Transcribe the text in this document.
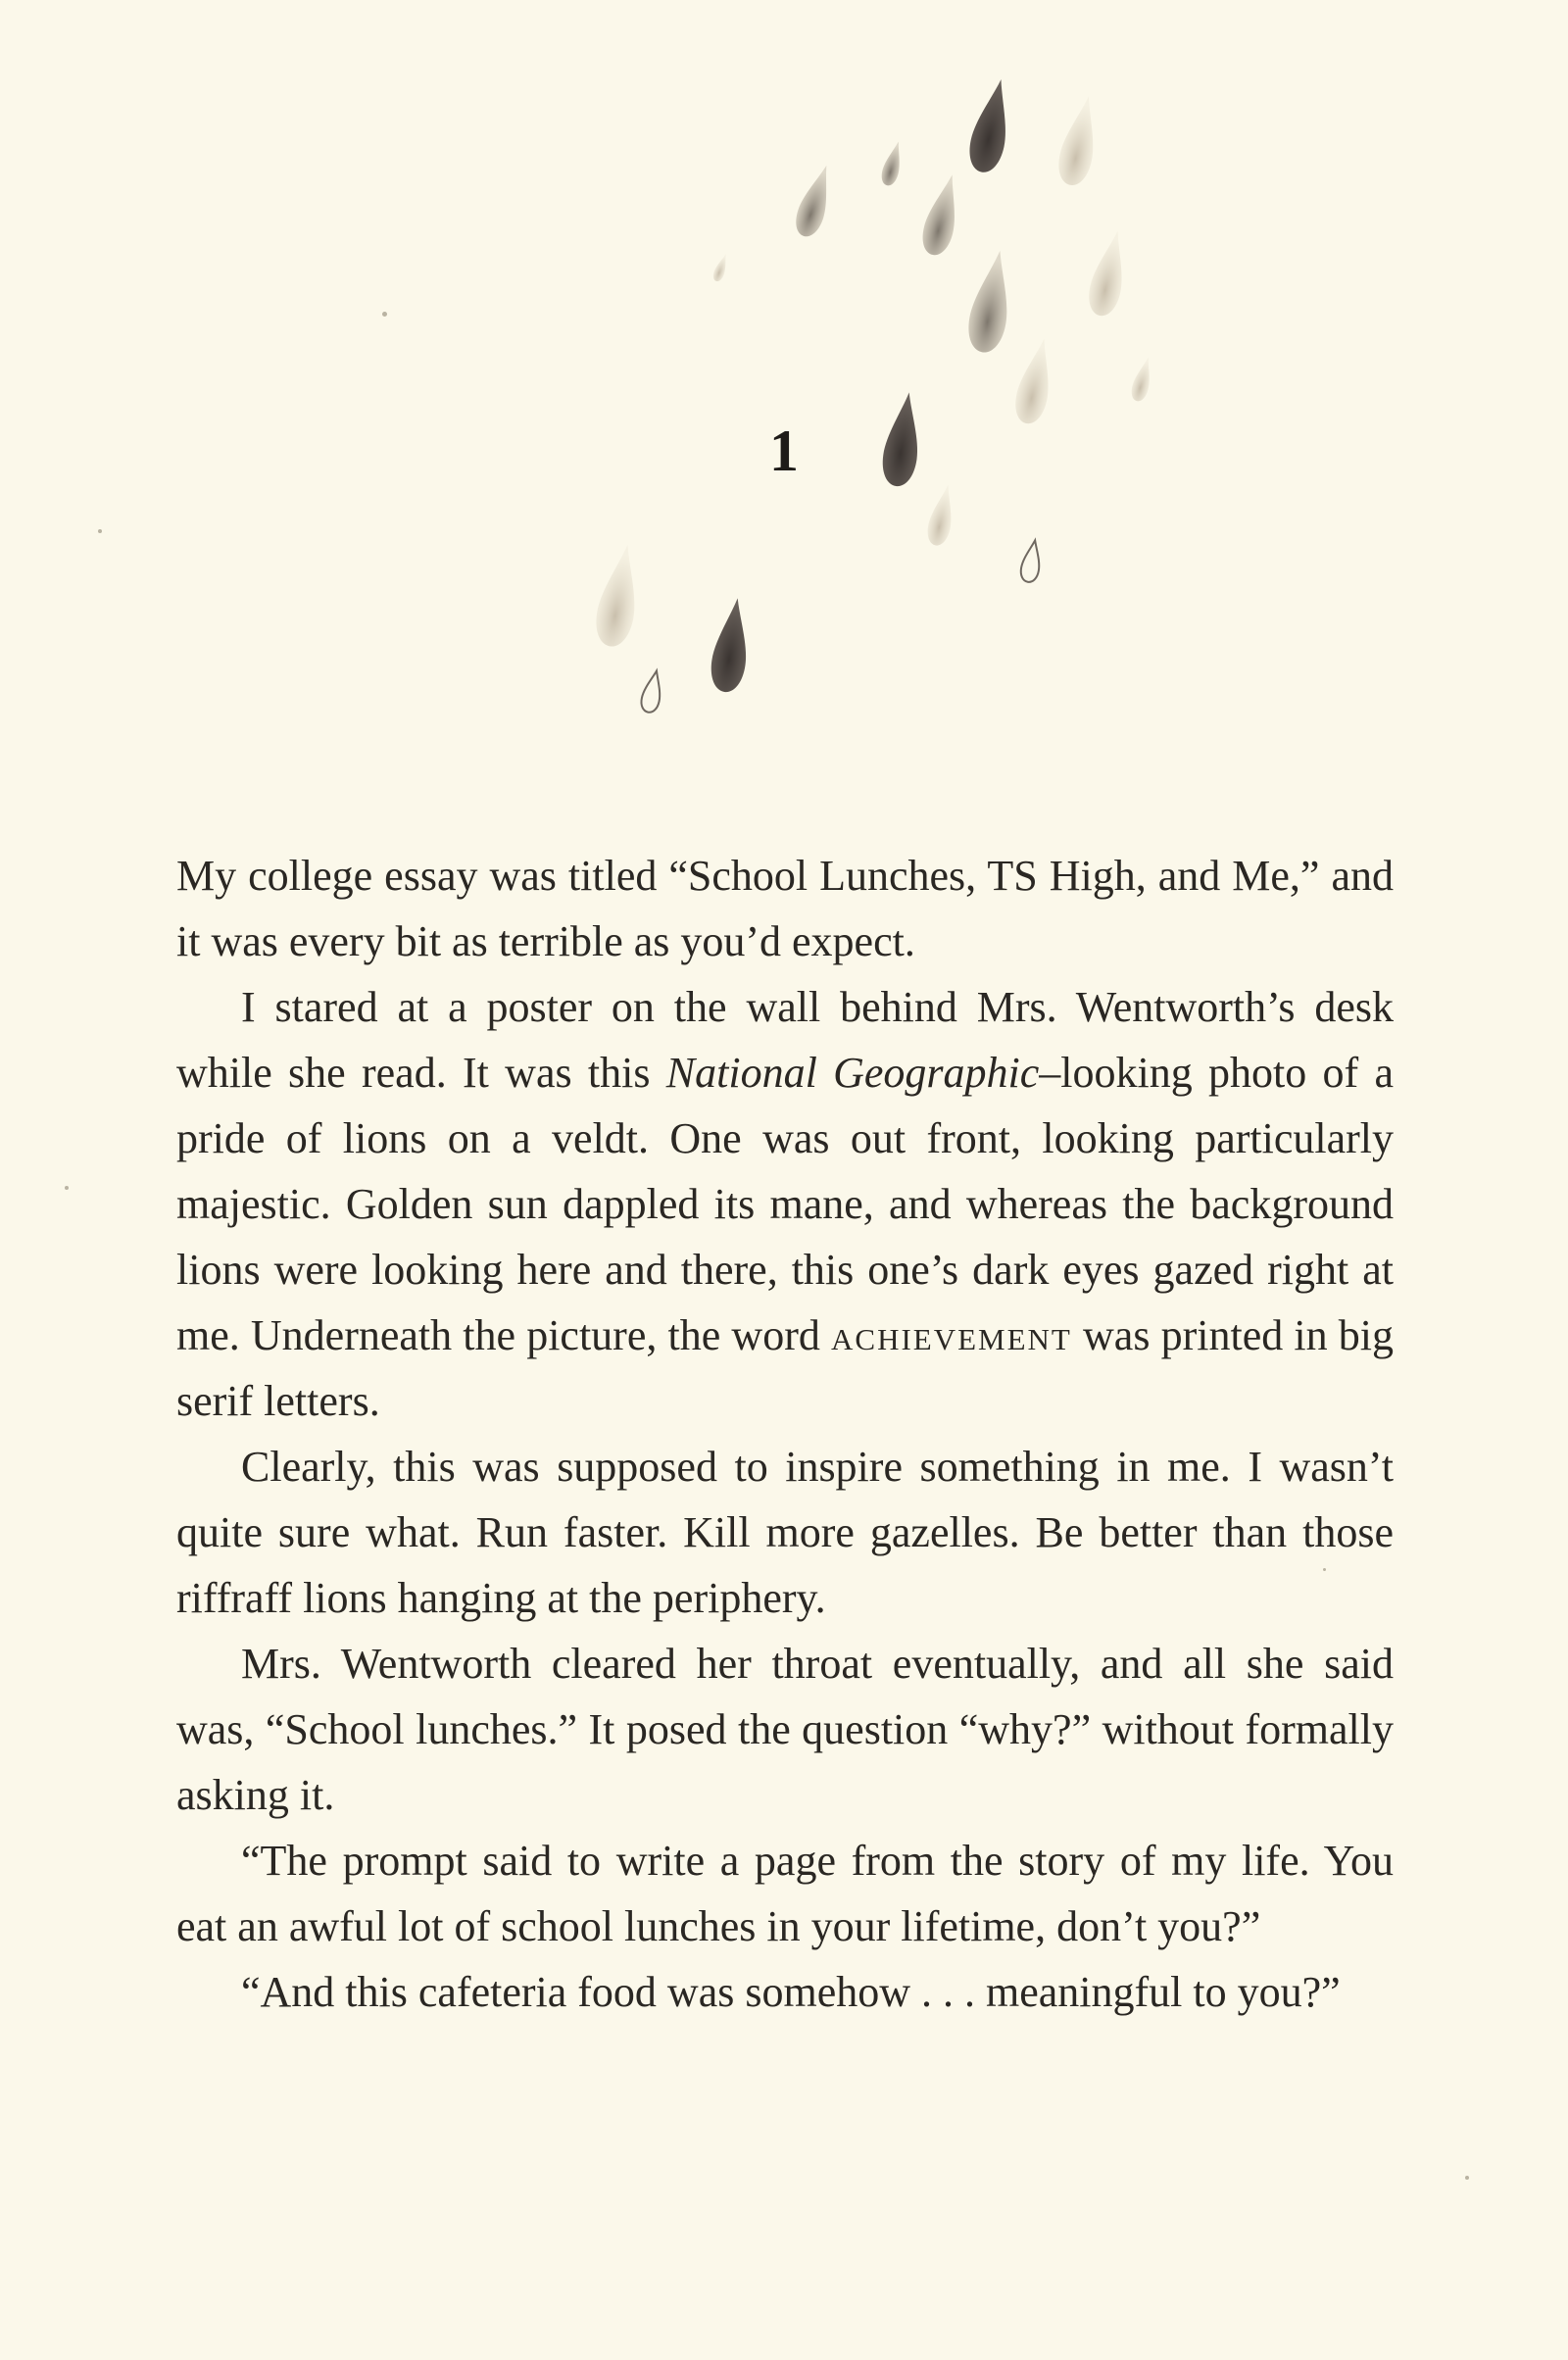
1

My college essay was titled “School Lunches, TS High, and Me,” and it was every bit as terrible as you’d expect.

I stared at a poster on the wall behind Mrs. Wentworth’s desk while she read. It was this National Geographic–looking photo of a pride of lions on a veldt. One was out front, looking particularly majestic. Golden sun dappled its mane, and whereas the background lions were looking here and there, this one’s dark eyes gazed right at me. Underneath the picture, the word achievement was printed in big serif letters.

Clearly, this was supposed to inspire something in me. I wasn’t quite sure what. Run faster. Kill more gazelles. Be better than those riffraff lions hanging at the periphery.

Mrs. Wentworth cleared her throat eventually, and all she said was, “School lunches.” It posed the question “why?” without formally asking it.

“The prompt said to write a page from the story of my life. You eat an awful lot of school lunches in your lifetime, don’t you?”

“And this cafeteria food was somehow . . . meaningful to you?”
